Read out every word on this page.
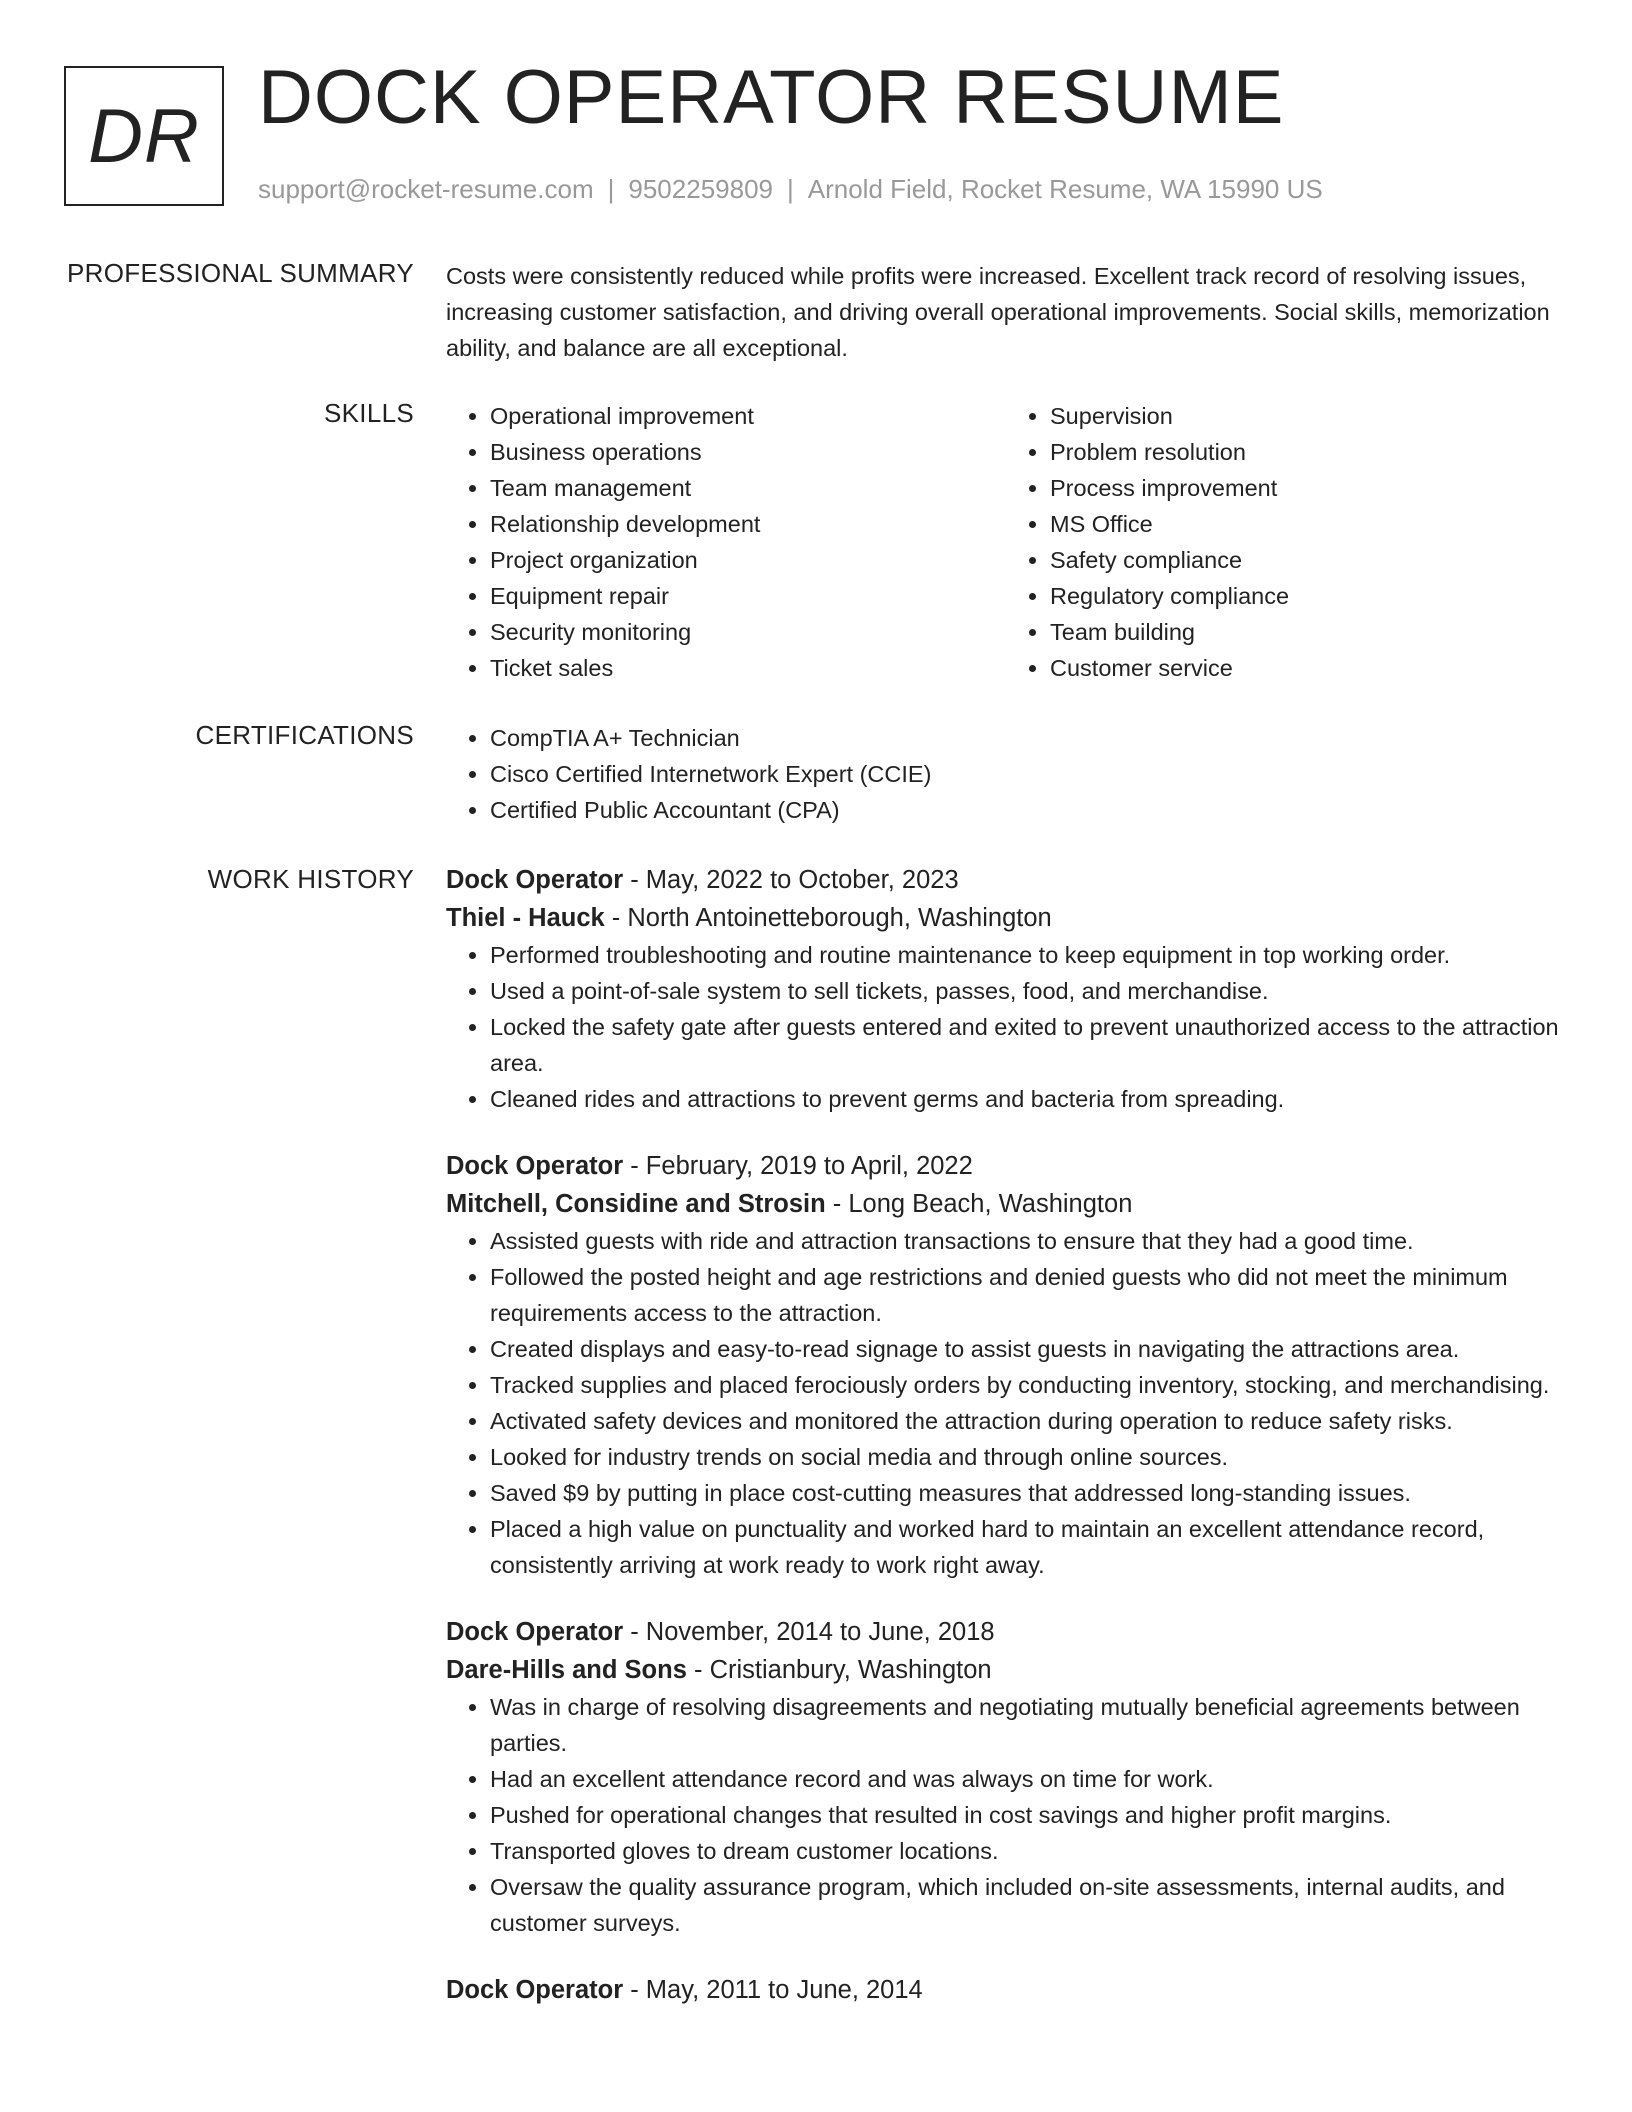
DR DOCK OPERATOR RESUME
support@rocket-resume.com | 9502259809 | Arnold Field, Rocket Resume, WA 15990 US
PROFESSIONAL SUMMARY Costs were consistently reduced while profits were increased. Excellent track record of resolving issues, increasing customer satisfaction, and driving overall operational improvements. Social skills, memorization ability, and balance are all exceptional.
SKILLS	• Operational improvement
• Business operations
• Team management
• Relationship development
• Project organization
• Equipment repair
• Security monitoring
• Ticket sales
• Supervision
• Problem resolution
• Process improvement
• MS Office
• Safety compliance
• Regulatory compliance
• Team building
• Customer service
CERTIFICATIONS	• CompTIA A+ Technician
• Cisco Certified Internetwork Expert (CCIE)
• Certified Public Accountant (CPA)
WORK HISTORY Dock Operator - May, 2022 to October, 2023
Thiel - Hauck - North Antoinetteborough, Washington
• Performed troubleshooting and routine maintenance to keep equipment in top working order.
• Used a point-of-sale system to sell tickets, passes, food, and merchandise.
• Locked the safety gate after guests entered and exited to prevent unauthorized access to the attraction area.
• Cleaned rides and attractions to prevent germs and bacteria from spreading.
Dock Operator - February, 2019 to April, 2022
Mitchell, Considine and Strosin - Long Beach, Washington
• Assisted guests with ride and attraction transactions to ensure that they had a good time.
• Followed the posted height and age restrictions and denied guests who did not meet the minimum requirements access to the attraction.
• Created displays and easy-to-read signage to assist guests in navigating the attractions area.
• Tracked supplies and placed ferociously orders by conducting inventory, stocking, and merchandising.
• Activated safety devices and monitored the attraction during operation to reduce safety risks.
• Looked for industry trends on social media and through online sources.
• Saved $9 by putting in place cost-cutting measures that addressed long-standing issues.
• Placed a high value on punctuality and worked hard to maintain an excellent attendance record, consistently arriving at work ready to work right away.
Dock Operator - November, 2014 to June, 2018
Dare-Hills and Sons - Cristianbury, Washington
• Was in charge of resolving disagreements and negotiating mutually beneficial agreements between parties.
• Had an excellent attendance record and was always on time for work.
• Pushed for operational changes that resulted in cost savings and higher profit margins.
• Transported gloves to dream customer locations.
• Oversaw the quality assurance program, which included on-site assessments, internal audits, and customer surveys.
Dock Operator - May, 2011 to June, 2014
